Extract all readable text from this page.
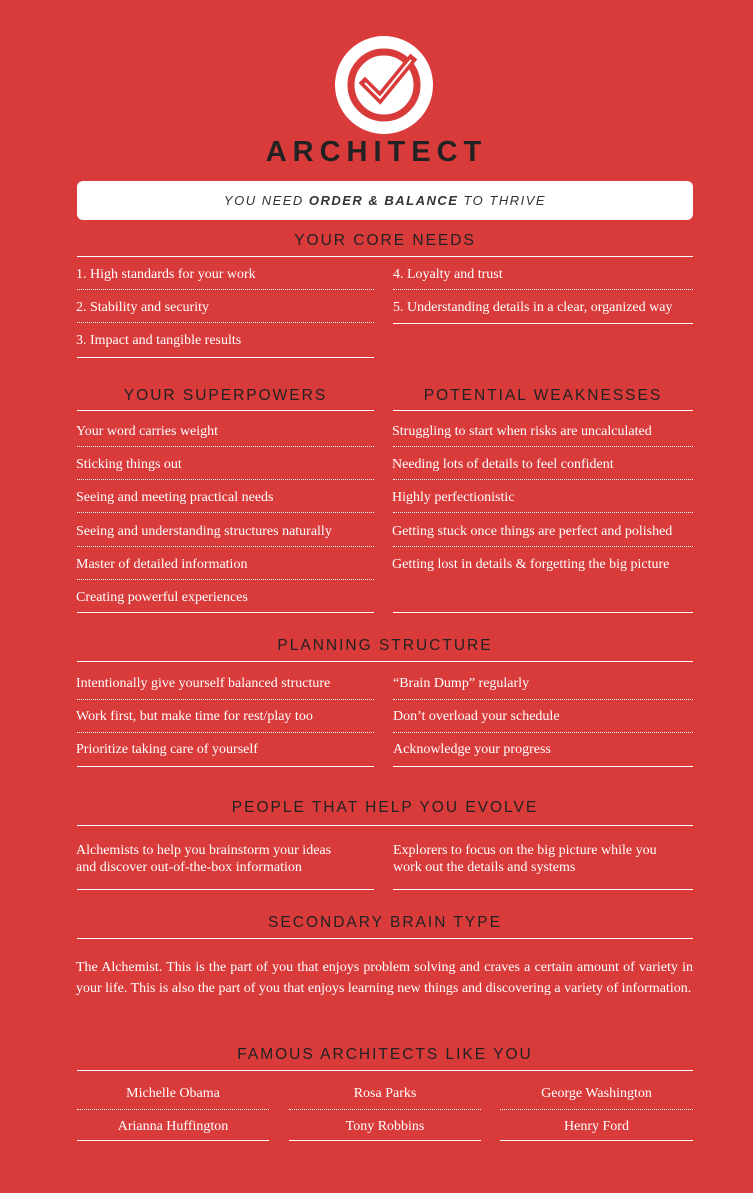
ARCHITECT
YOU NEED ORDER & BALANCE TO THRIVE
YOUR CORE NEEDS
1. High standards for your work
2. Stability and security
3. Impact and tangible results
4. Loyalty and trust
5. Understanding details in a clear, organized way
YOUR SUPERPOWERS
Your word carries weight
Sticking things out
Seeing and meeting practical needs
Seeing and understanding structures naturally
Master of detailed information
Creating powerful experiences
POTENTIAL WEAKNESSES
Struggling to start when risks are uncalculated
Needing lots of details to feel confident
Highly perfectionistic
Getting stuck once things are perfect and polished
Getting lost in details & forgetting the big picture
PLANNING STRUCTURE
Intentionally give yourself balanced structure
Work first, but make time for rest/play too
Prioritize taking care of yourself
“Brain Dump” regularly
Don’t overload your schedule
Acknowledge your progress
PEOPLE THAT HELP YOU EVOLVE
Alchemists to help you brainstorm your ideas
and discover out-of-the-box information
Explorers to focus on the big picture while you
work out the details and systems
SECONDARY BRAIN TYPE
The Alchemist. This is the part of you that enjoys problem solving and craves a certain amount of variety in your life. This is also the part of you that enjoys learning new things and discovering a variety of information.
FAMOUS ARCHITECTS LIKE YOU
Michelle Obama	Rosa Parks	George Washington
Arianna Huffington	Tony Robbins	Henry Ford
